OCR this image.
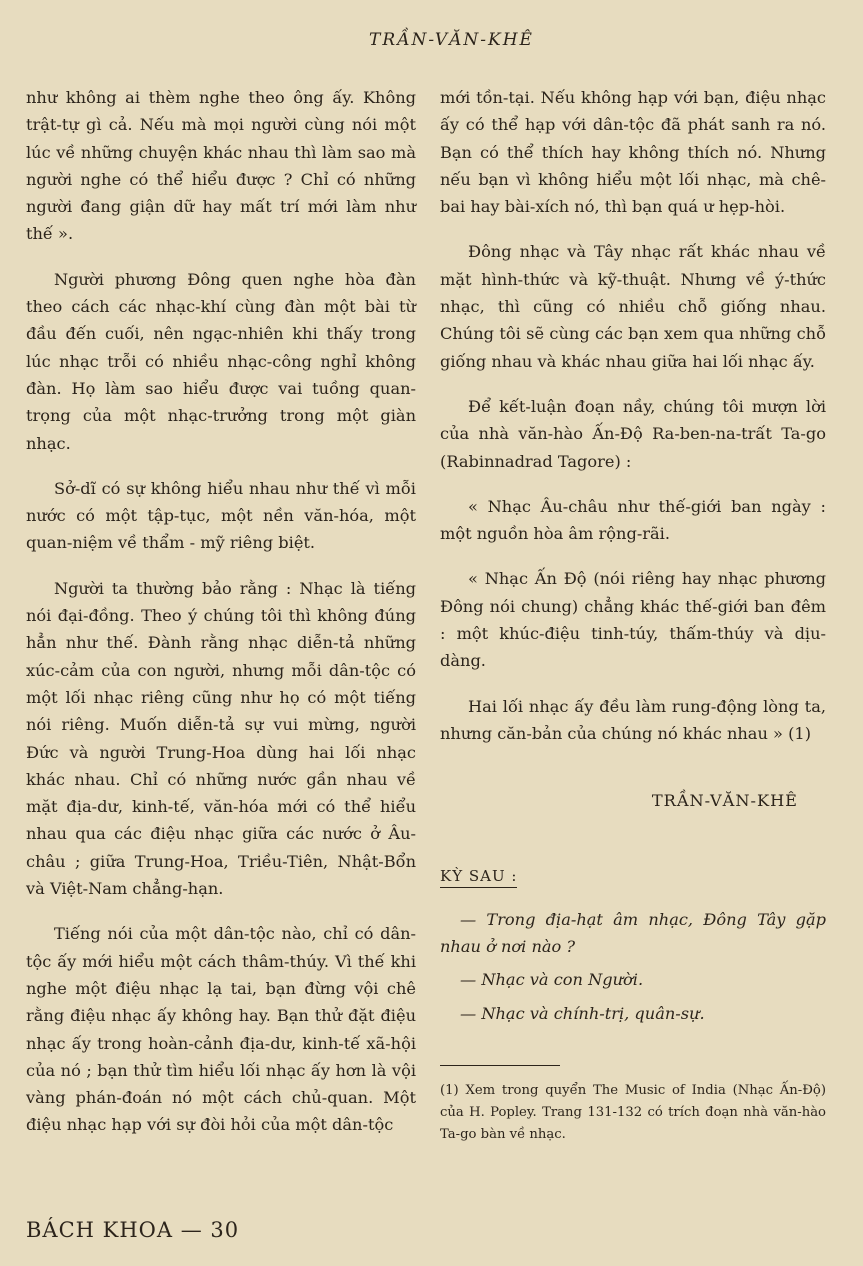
TRẦN-VĂN-KHÊ

như không ai thèm nghe theo ông ấy. Không trật-tự gì cả. Nếu mà mọi người cùng nói một lúc về những chuyện khác nhau thì làm sao mà người nghe có thể hiểu được ? Chỉ có những người đang giận dữ hay mất trí mới làm như thế ».

Người phương Đông quen nghe hòa đàn theo cách các nhạc-khí cùng đàn một bài từ đầu đến cuối, nên ngạc-nhiên khi thấy trong lúc nhạc trỗi có nhiều nhạc-công nghỉ không đàn. Họ làm sao hiểu được vai tuồng quan-trọng của một nhạc-trưởng trong một giàn nhạc.

Sở-dĩ có sự không hiểu nhau như thế vì mỗi nước có một tập-tục, một nền văn-hóa, một quan-niệm về thẩm - mỹ riêng biệt.

Người ta thường bảo rằng : Nhạc là tiếng nói đại-đồng. Theo ý chúng tôi thì không đúng hẳn như thế. Đành rằng nhạc diễn-tả những xúc-cảm của con người, nhưng mỗi dân-tộc có một lối nhạc riêng cũng như họ có một tiếng nói riêng. Muốn diễn-tả sự vui mừng, người Đức và người Trung-Hoa dùng hai lối nhạc khác nhau. Chỉ có những nước gần nhau về mặt địa-dư, kinh-tế, văn-hóa mới có thể hiểu nhau qua các điệu nhạc giữa các nước ở Âu-châu ; giữa Trung-Hoa, Triều-Tiên, Nhật-Bổn và Việt-Nam chẳng-hạn.

Tiếng nói của một dân-tộc nào, chỉ có dân-tộc ấy mới hiểu một cách thâm-thúy. Vì thế khi nghe một điệu nhạc lạ tai, bạn đừng vội chê rằng điệu nhạc ấy không hay. Bạn thử đặt điệu nhạc ấy trong hoàn-cảnh địa-dư, kinh-tế xã-hội của nó ; bạn thử tìm hiểu lối nhạc ấy hơn là vội vàng phán-đoán nó một cách chủ-quan. Một điệu nhạc hạp với sự đòi hỏi của một dân-tộc

mới tồn-tại. Nếu không hạp với bạn, điệu nhạc ấy có thể hạp với dân-tộc đã phát sanh ra nó. Bạn có thể thích hay không thích nó. Nhưng nếu bạn vì không hiểu một lối nhạc, mà chê-bai hay bài-xích nó, thì bạn quá ư hẹp-hòi.

Đông nhạc và Tây nhạc rất khác nhau về mặt hình-thức và kỹ-thuật. Nhưng về ý-thức nhạc, thì cũng có nhiều chỗ giống nhau. Chúng tôi sẽ cùng các bạn xem qua những chỗ giống nhau và khác nhau giữa hai lối nhạc ấy.

Để kết-luận đoạn nầy, chúng tôi mượn lời của nhà văn-hào Ấn-Độ Ra-ben-na-trất Ta-go (Rabinnadrad Tagore) :

« Nhạc Âu-châu như thế-giới ban ngày : một nguồn hòa âm rộng-rãi.

« Nhạc Ấn Độ (nói riêng hay nhạc phương Đông nói chung) chẳng khác thế-giới ban đêm : một khúc-điệu tinh-túy, thấm-thúy và dịu-dàng.

Hai lối nhạc ấy đều làm rung-động lòng ta, nhưng căn-bản của chúng nó khác nhau » (1)

TRẦN-VĂN-KHÊ

KỲ SAU :

— Trong địa-hạt âm nhạc, Đông Tây gặp nhau ở nơi nào ?

— Nhạc và con Người.

— Nhạc và chính-trị, quân-sự.

(1) Xem trong quyển The Music of India (Nhạc Ấn-Độ) của H. Popley. Trang 131-132 có trích đoạn nhà văn-hào Ta-go bàn về nhạc.

BÁCH KHOA — 30
